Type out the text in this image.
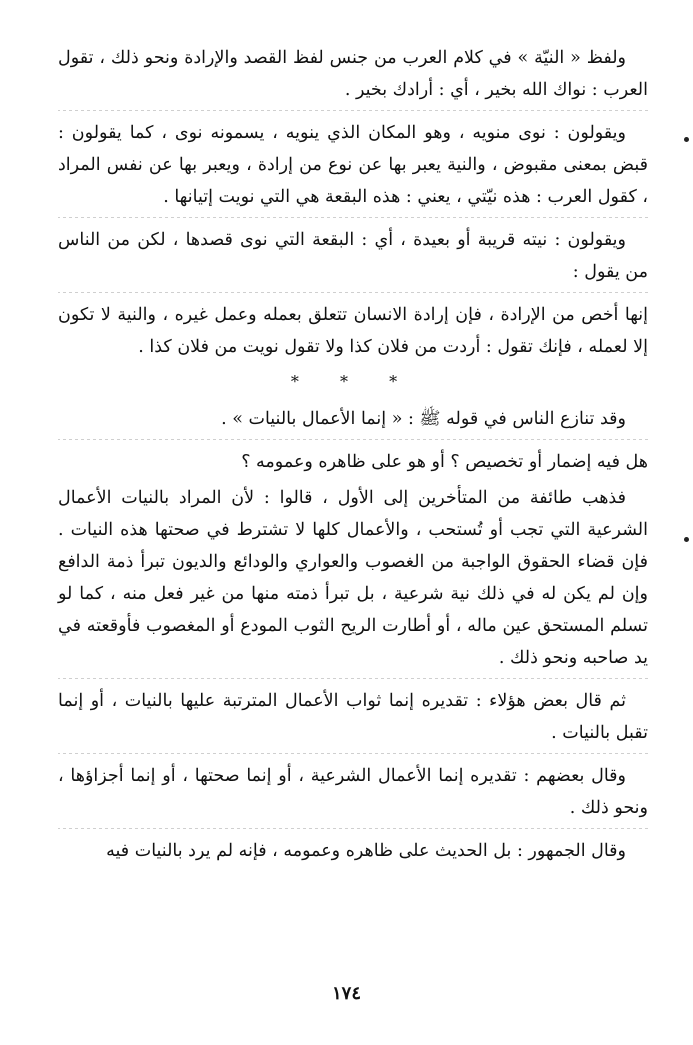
ولفظ « النيّة » في كلام العرب من جنس لفظ القصد والإرادة ونحو ذلك ، تقول العرب : نواك الله بخير ، أي : أرادك بخير .

ويقولون : نوى منويه ، وهو المكان الذي ينويه ، يسمونه نوى ، كما يقولون : قبض بمعنى مقبوض ، والنية يعبر بها عن نوع من إرادة ، ويعبر بها عن نفس المراد ، كقول العرب : هذه نيّتي ، يعني : هذه البقعة هي التي نويت إتيانها .

ويقولون : نيته قريبة أو بعيدة ، أي : البقعة التي نوى قصدها ، لكن من الناس من يقول :

إنها أخص من الإرادة ، فإن إرادة الانسان تتعلق بعمله وعمل غيره ، والنية لا تكون إلا لعمله ، فإنك تقول : أردت من فلان كذا ولا تقول نويت من فلان كذا .

* * *

وقد تنازع الناس في قوله ﷺ : « إنما الأعمال بالنيات » .

هل فيه إضمار أو تخصيص ؟ أو هو على ظاهره وعمومه ؟

فذهب طائفة من المتأخرين إلى الأول ، قالوا : لأن المراد بالنيات الأعمال الشرعية التي تجب أو تُستحب ، والأعمال كلها لا تشترط في صحتها هذه النيات . فإن قضاء الحقوق الواجبة من الغصوب والعواري والودائع والديون تبرأ ذمة الدافع وإن لم يكن له في ذلك نية شرعية ، بل تبرأ ذمته منها من غير فعل منه ، كما لو تسلم المستحق عين ماله ، أو أطارت الريح الثوب المودع أو المغصوب فأوقعته في يد صاحبه ونحو ذلك .

ثم قال بعض هؤلاء : تقديره إنما ثواب الأعمال المترتبة عليها بالنيات ، أو إنما تقبل بالنيات .

وقال بعضهم : تقديره إنما الأعمال الشرعية ، أو إنما صحتها ، أو إنما أجزاؤها ، ونحو ذلك .

وقال الجمهور : بل الحديث على ظاهره وعمومه ، فإنه لم يرد بالنيات فيه

١٧٤
